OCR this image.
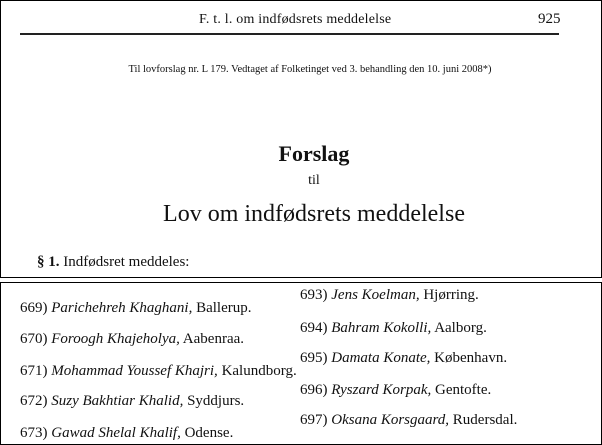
F. t. l. om indfødsrets meddelelse	925
Til lovforslag nr. L 179. Vedtaget af Folketinget ved 3. behandling den 10. juni 2008*)
Forslag
til
Lov om indfødsrets meddelelse
§ 1. Indfødsret meddeles:
669) Parichehreh Khaghani, Ballerup.
670) Foroogh Khajeholya, Aabenraa.
671) Mohammad Youssef Khajri, Kalundborg.
672) Suzy Bakhtiar Khalid, Syddjurs.
673) Gawad Shelal Khalif, Odense.
693) Jens Koelman, Hjørring.
694) Bahram Kokolli, Aalborg.
695) Damata Konate, København.
696) Ryszard Korpak, Gentofte.
697) Oksana Korsgaard, Rudersdal.
